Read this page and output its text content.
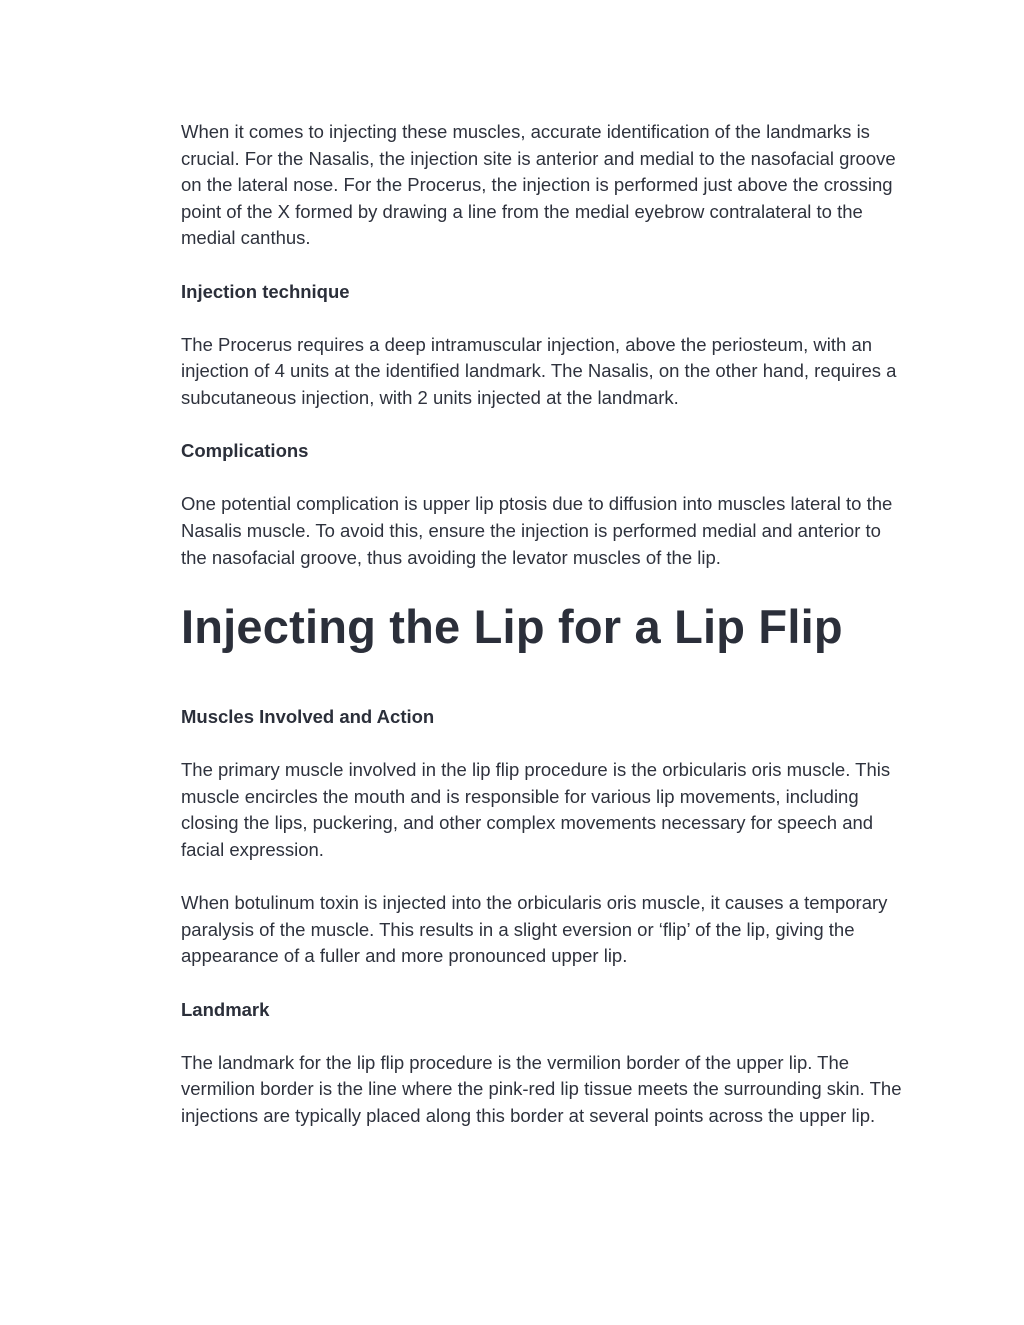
When it comes to injecting these muscles, accurate identification of the landmarks is crucial. For the Nasalis, the injection site is anterior and medial to the nasofacial groove on the lateral nose. For the Procerus, the injection is performed just above the crossing point of the X formed by drawing a line from the medial eyebrow contralateral to the medial canthus.

Injection technique

The Procerus requires a deep intramuscular injection, above the periosteum, with an injection of 4 units at the identified landmark. The Nasalis, on the other hand, requires a subcutaneous injection, with 2 units injected at the landmark.

Complications

One potential complication is upper lip ptosis due to diffusion into muscles lateral to the Nasalis muscle. To avoid this, ensure the injection is performed medial and anterior to the nasofacial groove, thus avoiding the levator muscles of the lip.

Injecting the Lip for a Lip Flip
Muscles Involved and Action

The primary muscle involved in the lip flip procedure is the orbicularis oris muscle. This muscle encircles the mouth and is responsible for various lip movements, including closing the lips, puckering, and other complex movements necessary for speech and facial expression.

When botulinum toxin is injected into the orbicularis oris muscle, it causes a temporary paralysis of the muscle. This results in a slight eversion or ‘flip’ of the lip, giving the appearance of a fuller and more pronounced upper lip.

Landmark

The landmark for the lip flip procedure is the vermilion border of the upper lip. The vermilion border is the line where the pink-red lip tissue meets the surrounding skin. The injections are typically placed along this border at several points across the upper lip.
